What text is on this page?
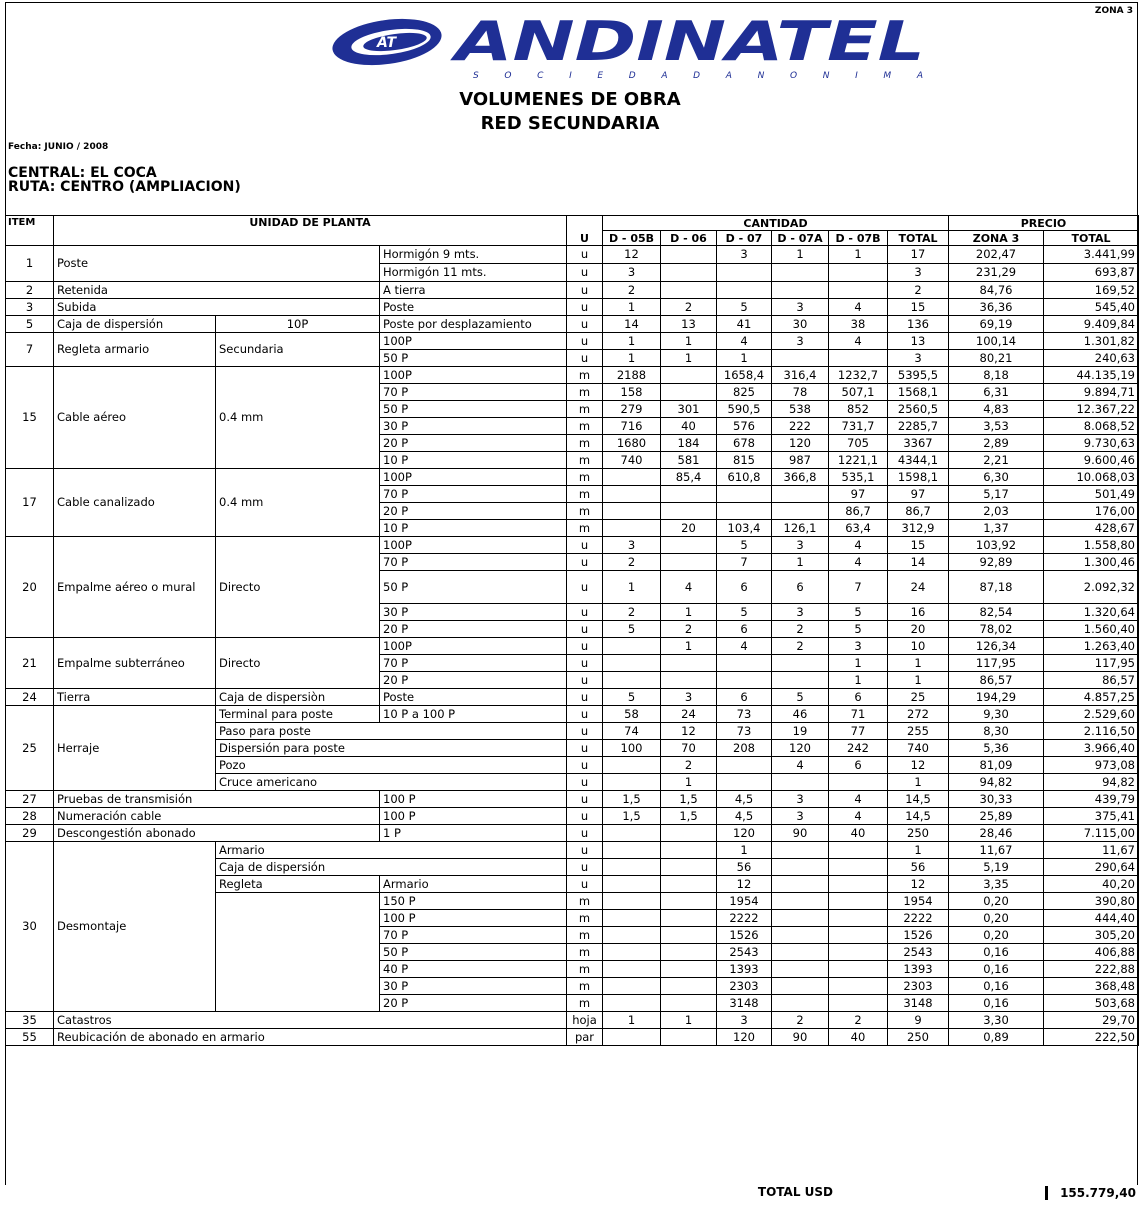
ZONA 3
AT ANDINATEL
S O C I E D A D A N O N I M A
VOLUMENES DE OBRA
RED SECUNDARIA
Fecha: JUNIO / 2008
CENTRAL: EL COCA
RUTA: CENTRO (AMPLIACION)
ITEM	UNIDAD DE PLANTA			U	CANTIDAD						PRECIO	
					D - 05B	D - 06	D - 07	D - 07A	D - 07B	TOTAL	ZONA 3	TOTAL
1	Poste		Hormigón 9 mts.	u	12		3	1	1	17	202,47	3.441,99
			Hormigón 11 mts.	u	3					3	231,29	693,87
2	Retenida		A tierra	u	2					2	84,76	169,52
3	Subida		Poste	u	1	2	5	3	4	15	36,36	545,40
5	Caja de dispersión	10P	Poste por desplazamiento	u	14	13	41	30	38	136	69,19	9.409,84
7	Regleta armario	Secundaria	100P	u	1	1	4	3	4	13	100,14	1.301,82
			50 P	u	1	1	1			3	80,21	240,63
15	Cable aéreo	0.4 mm	100P	m	2188		1658,4	316,4	1232,7	5395,5	8,18	44.135,19
			70 P	m	158		825	78	507,1	1568,1	6,31	9.894,71
			50 P	m	279	301	590,5	538	852	2560,5	4,83	12.367,22
			30 P	m	716	40	576	222	731,7	2285,7	3,53	8.068,52
			20 P	m	1680	184	678	120	705	3367	2,89	9.730,63
			10 P	m	740	581	815	987	1221,1	4344,1	2,21	9.600,46
17	Cable canalizado	0.4 mm	100P	m		85,4	610,8	366,8	535,1	1598,1	6,30	10.068,03
			70 P	m					97	97	5,17	501,49
			20 P	m					86,7	86,7	2,03	176,00
			10 P	m		20	103,4	126,1	63,4	312,9	1,37	428,67
20	Empalme aéreo o mural	Directo	100P	u	3		5	3	4	15	103,92	1.558,80
			70 P	u	2		7	1	4	14	92,89	1.300,46
			50 P	u	1	4	6	6	7	24	87,18	2.092,32
			30 P	u	2	1	5	3	5	16	82,54	1.320,64
			20 P	u	5	2	6	2	5	20	78,02	1.560,40
21	Empalme subterráneo	Directo	100P	u		1	4	2	3	10	126,34	1.263,40
			70 P	u					1	1	117,95	117,95
			20 P	u					1	1	86,57	86,57
24	Tierra	Caja de dispersiòn	Poste	u	5	3	6	5	6	25	194,29	4.857,25
25	Herraje	Terminal para poste	10 P a 100 P	u	58	24	73	46	71	272	9,30	2.529,60
		Paso para poste		u	74	12	73	19	77	255	8,30	2.116,50
		Dispersión para poste		u	100	70	208	120	242	740	5,36	3.966,40
		Pozo		u		2		4	6	12	81,09	973,08
		Cruce americano		u		1				1	94,82	94,82
27	Pruebas de transmisión		100 P	u	1,5	1,5	4,5	3	4	14,5	30,33	439,79
28	Numeración cable		100 P	u	1,5	1,5	4,5	3	4	14,5	25,89	375,41
29	Descongestión abonado		1 P	u			120	90	40	250	28,46	7.115,00
30	Desmontaje	Armario		u			1			1	11,67	11,67
		Caja de dispersión		u			56			56	5,19	290,64
		Regleta	Armario	u			12			12	3,35	40,20
			150 P	m			1954			1954	0,20	390,80
			100 P	m			2222			2222	0,20	444,40
			70 P	m			1526			1526	0,20	305,20
			50 P	m			2543			2543	0,16	406,88
			40 P	m			1393			1393	0,16	222,88
			30 P	m			2303			2303	0,16	368,48
			20 P	m			3148			3148	0,16	503,68
35	Catastros			hoja	1	1	3	2	2	9	3,30	29,70
55	Reubicación de abonado en armario			par			120	90	40	250	0,89	222,50
TOTAL USD	155.779,40
